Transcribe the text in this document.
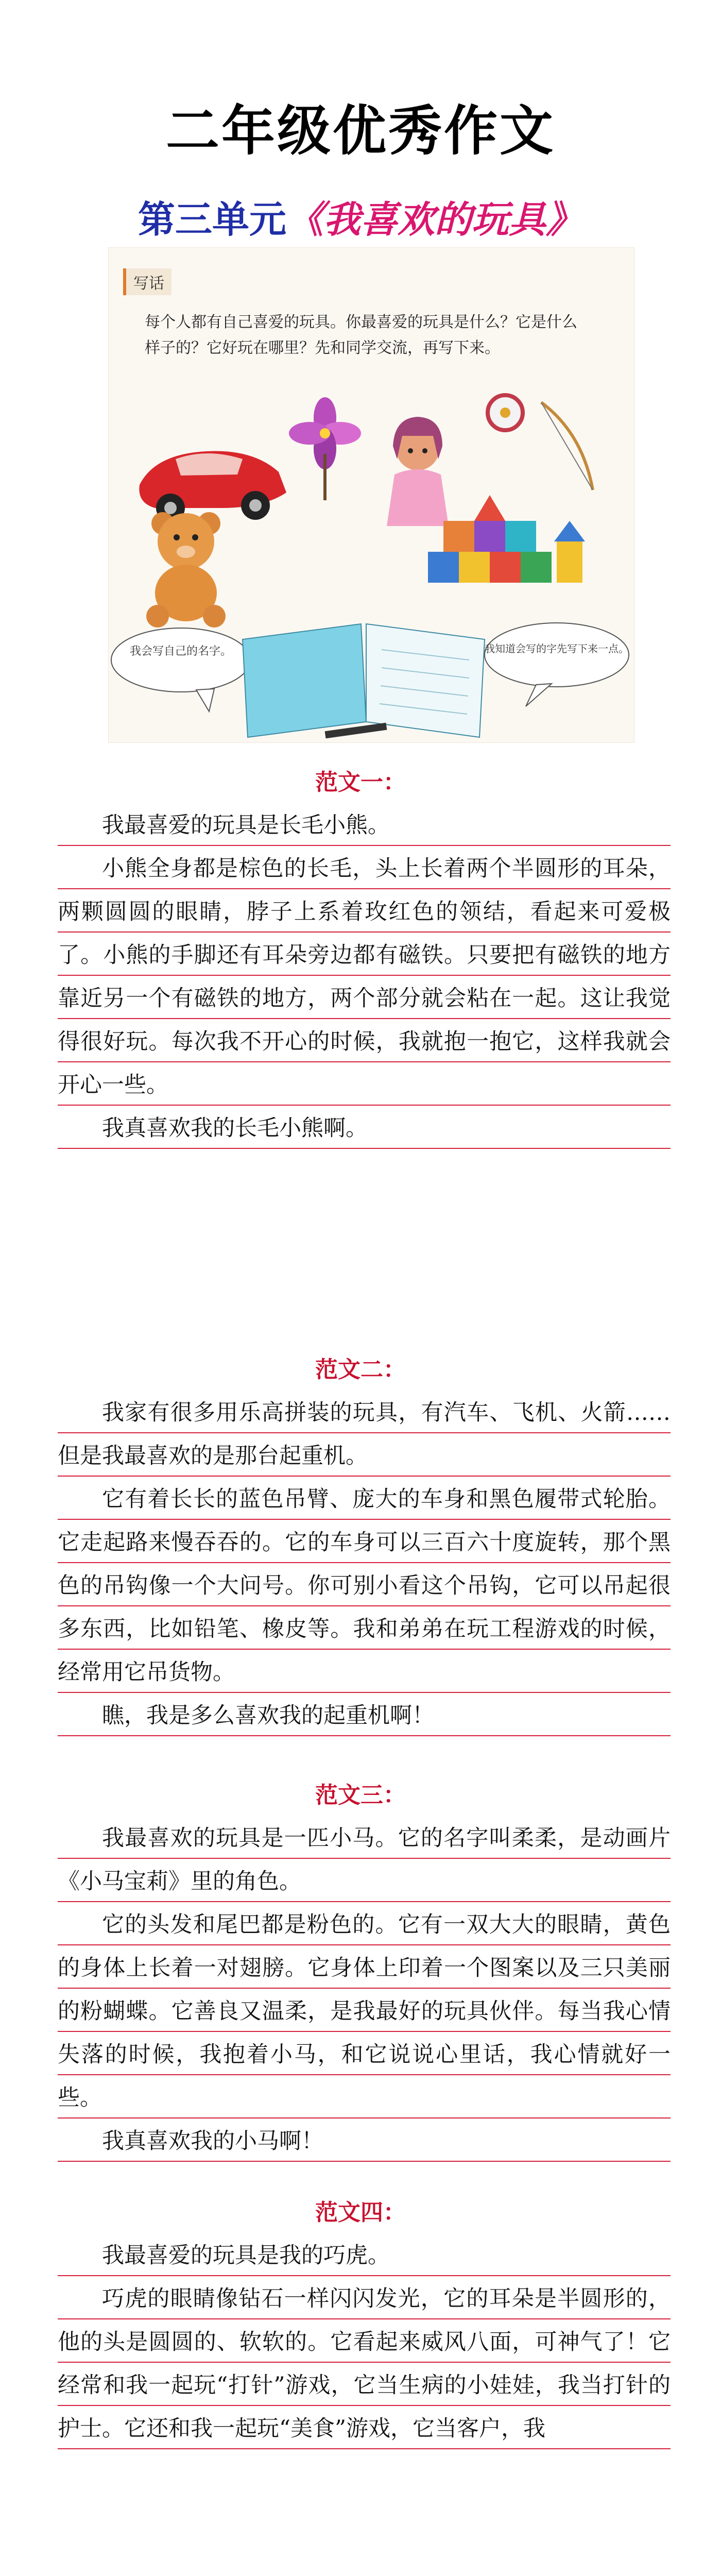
二年级优秀作文
第三单元《我喜欢的玩具》
写话
每个人都有自己喜爱的玩具。你最喜爱的玩具是什么？它是什么样子的？它好玩在哪里？先和同学交流，再写下来。
我会写自己的名字。	我知道会写的字先写下来一点。
范文一：

我最喜爱的玩具是长毛小熊。

小熊全身都是棕色的长毛，头上长着两个半圆形的耳朵，两颗圆圆的眼睛，脖子上系着玫红色的领结，看起来可爱极了。小熊的手脚还有耳朵旁边都有磁铁。只要把有磁铁的地方靠近另一个有磁铁的地方，两个部分就会粘在一起。这让我觉得很好玩。每次我不开心的时候，我就抱一抱它，这样我就会开心一些。

我真喜欢我的长毛小熊啊。

范文二：

我家有很多用乐高拼装的玩具，有汽车、飞机、火箭……但是我最喜欢的是那台起重机。

它有着长长的蓝色吊臂、庞大的车身和黑色履带式轮胎。它走起路来慢吞吞的。它的车身可以三百六十度旋转，那个黑色的吊钩像一个大问号。你可别小看这个吊钩，它可以吊起很多东西，比如铅笔、橡皮等。我和弟弟在玩工程游戏的时候，经常用它吊货物。

瞧，我是多么喜欢我的起重机啊！

范文三：

我最喜欢的玩具是一匹小马。它的名字叫柔柔，是动画片《小马宝莉》里的角色。

它的头发和尾巴都是粉色的。它有一双大大的眼睛，黄色的身体上长着一对翅膀。它身体上印着一个图案以及三只美丽的粉蝴蝶。它善良又温柔，是我最好的玩具伙伴。每当我心情失落的时候，我抱着小马，和它说说心里话，我心情就好一些。

我真喜欢我的小马啊！

范文四：

我最喜爱的玩具是我的巧虎。

巧虎的眼睛像钻石一样闪闪发光，它的耳朵是半圆形的，他的头是圆圆的、软软的。它看起来威风八面，可神气了！它经常和我一起玩“打针”游戏，它当生病的小娃娃，我当打针的护士。它还和我一起玩“美食”游戏，它当客户，我
